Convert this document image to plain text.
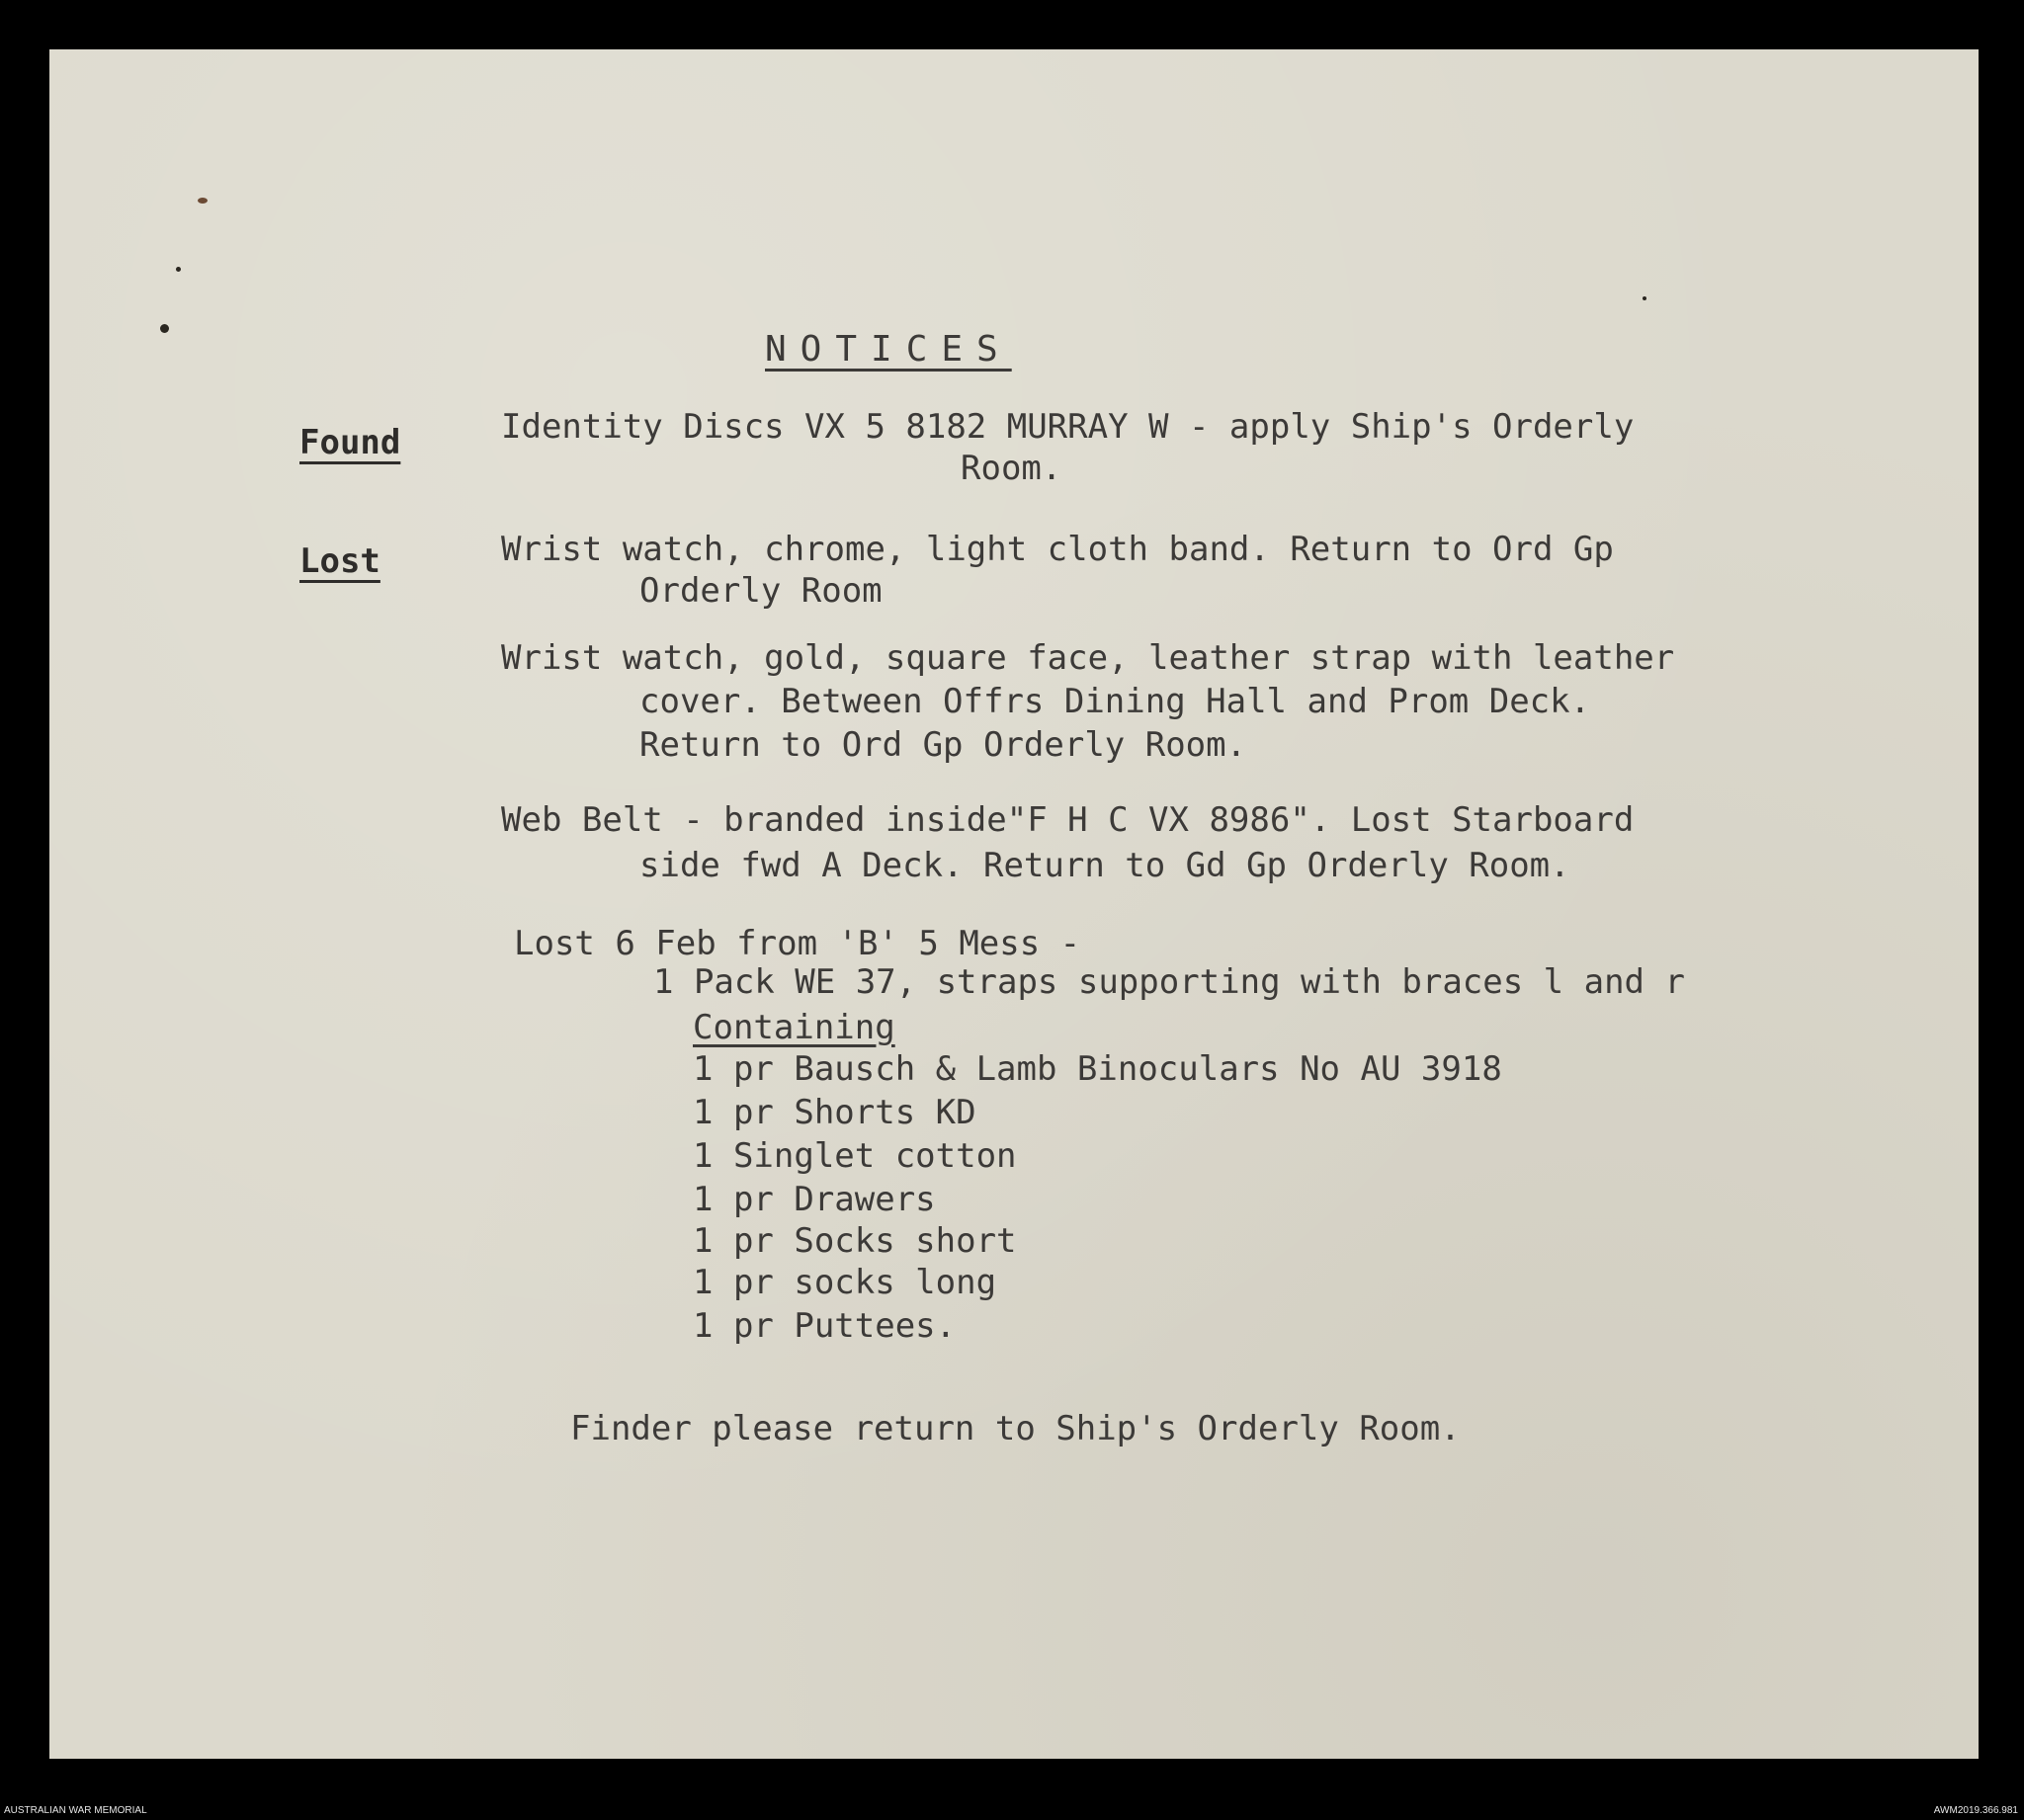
NOTICES

Found	Identity Discs VX 5 8182 MURRAY W - apply Ship's Orderly

Room.

Lost	Wrist watch, chrome, light cloth band. Return to Ord Gp

Orderly Room

Wrist watch, gold, square face, leather strap with leather

cover. Between Offrs Dining Hall and Prom Deck.

Return to Ord Gp Orderly Room.

Web Belt - branded inside"F H C VX 8986". Lost Starboard

side fwd A Deck. Return to Gd Gp Orderly Room.

Lost 6 Feb from 'B' 5 Mess -

1 Pack WE 37, straps supporting with braces l and r

Containing

1 pr Bausch & Lamb Binoculars No AU 3918

1 pr Shorts KD

1 Singlet cotton

1 pr Drawers

1 pr Socks short

1 pr socks long

1 pr Puttees.

Finder please return to Ship's Orderly Room.

AUSTRALIAN WAR MEMORIAL	AWM2019.366.981
